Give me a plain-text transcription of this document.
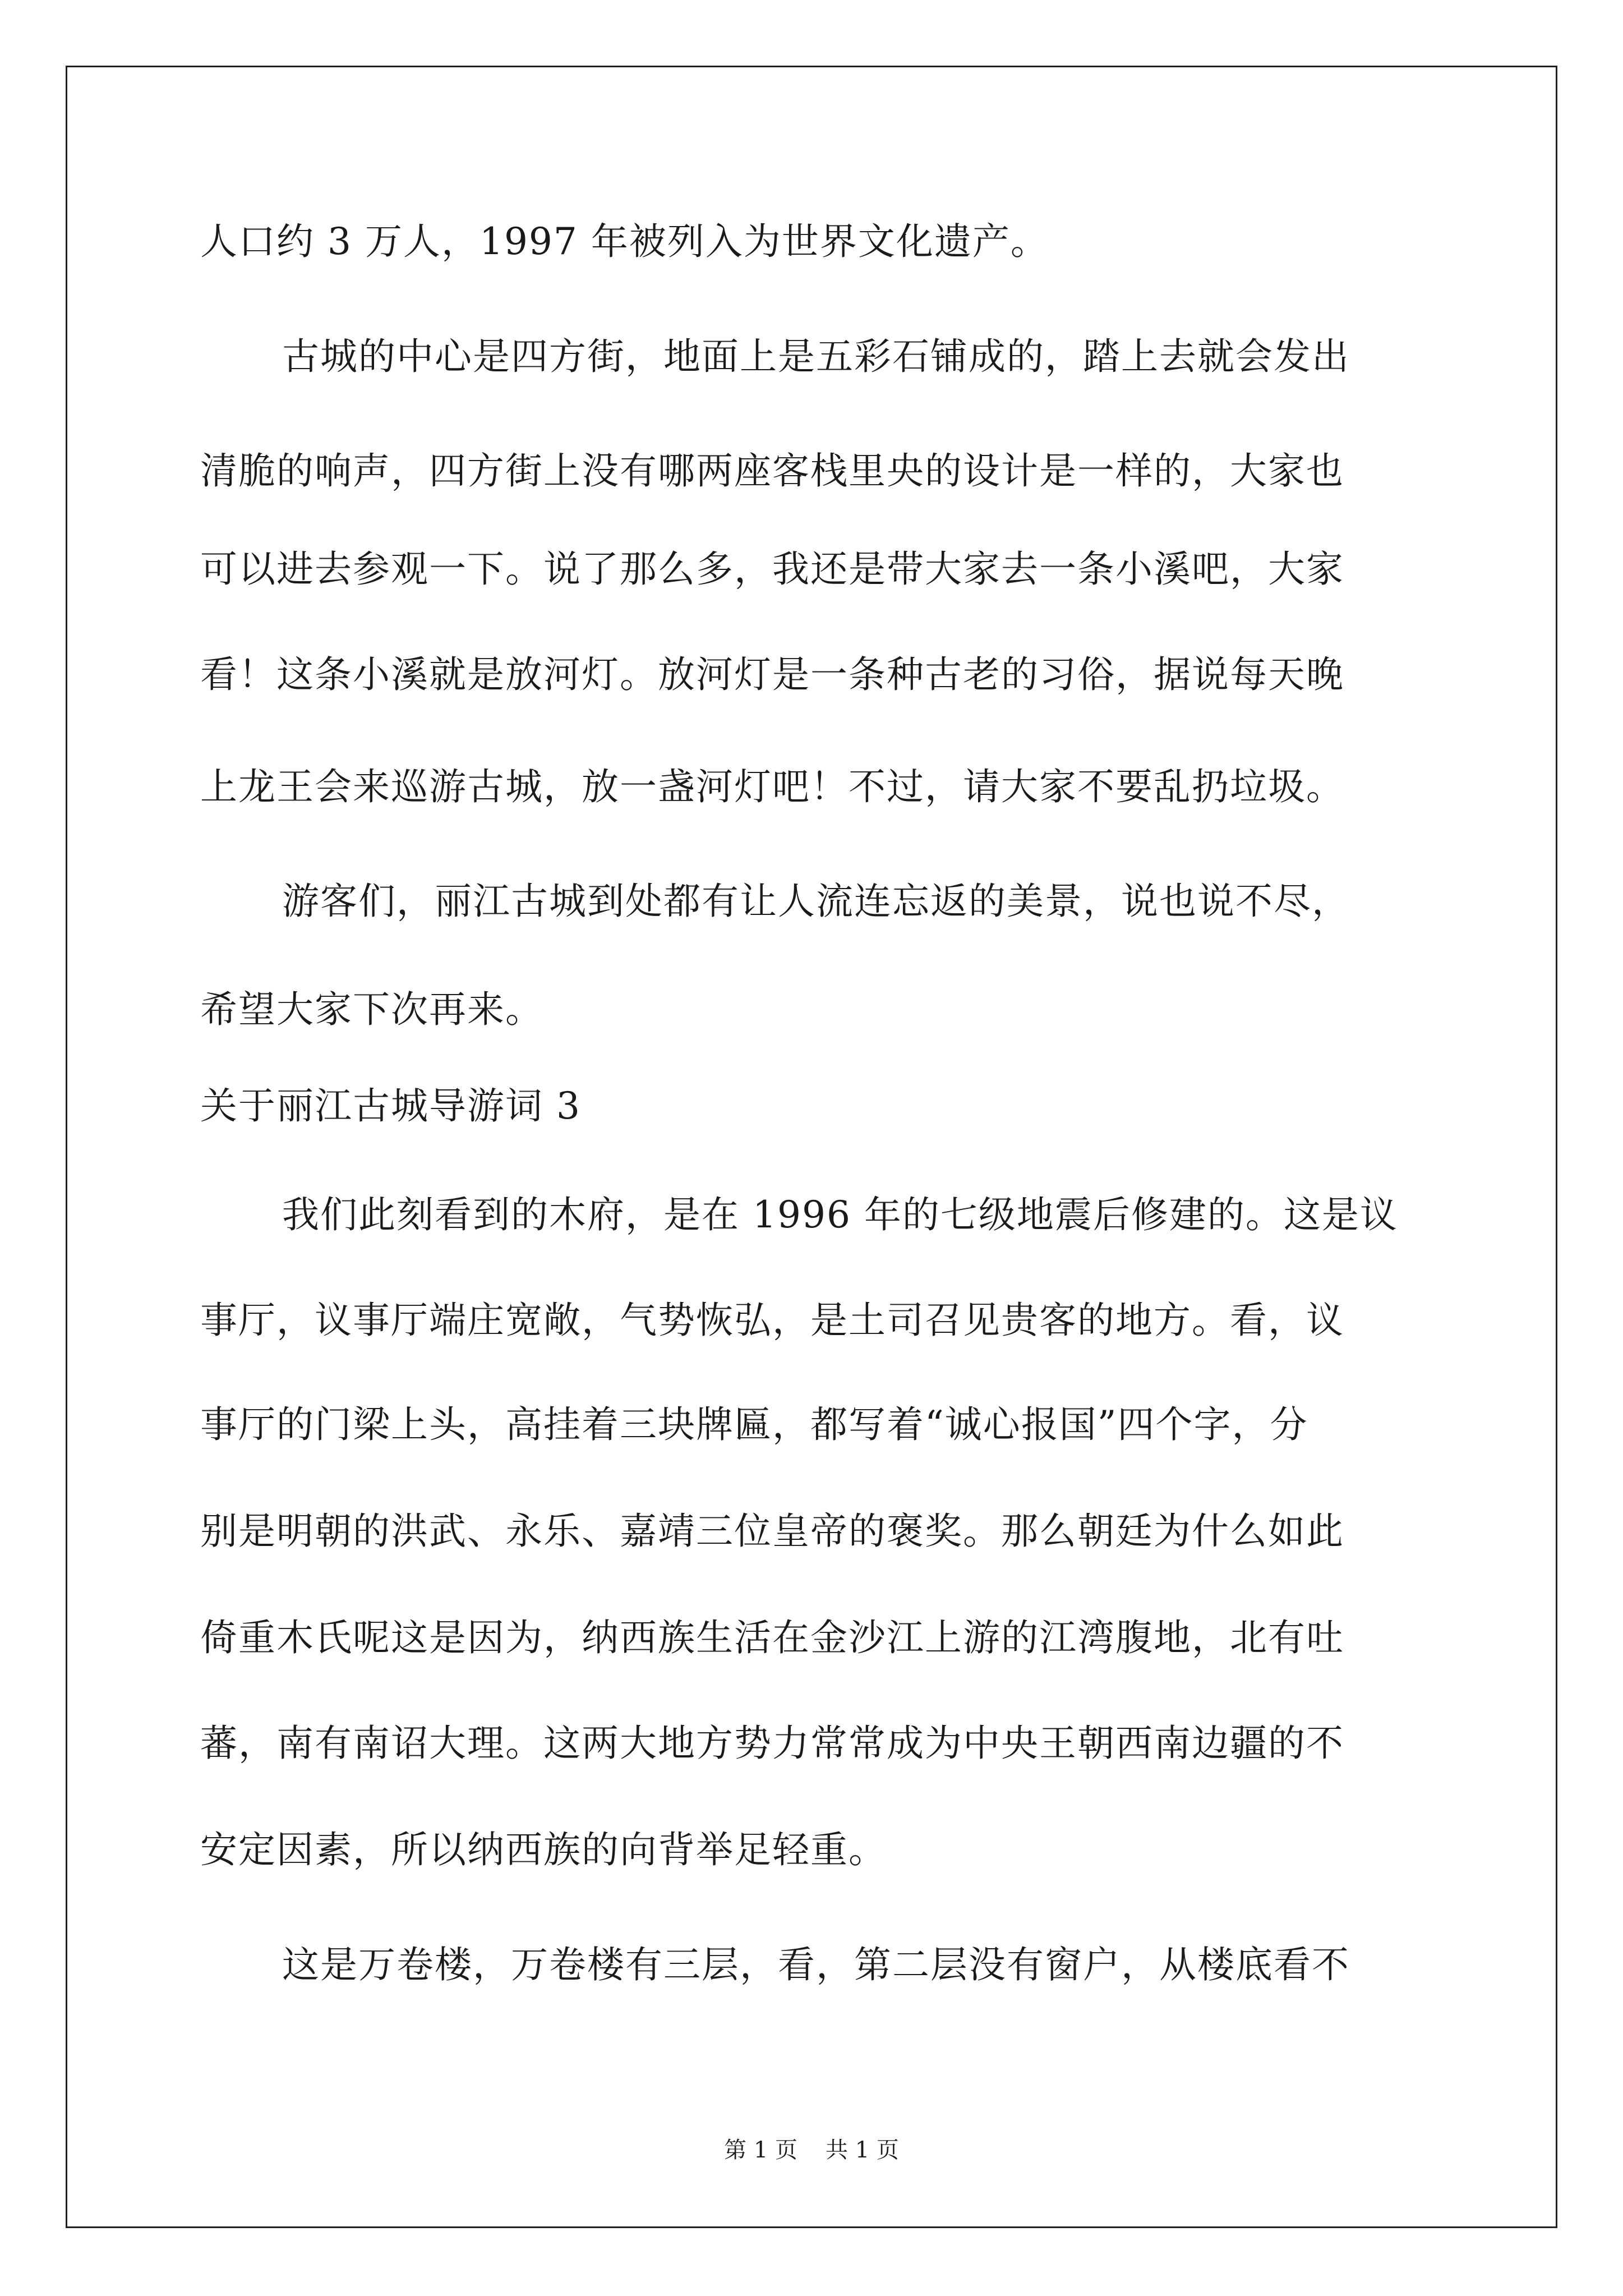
人口约 3 万人，1997 年被列入为世界文化遗产。
古城的中心是四方街，地面上是五彩石铺成的，踏上去就会发出
清脆的响声，四方街上没有哪两座客栈里央的设计是一样的，大家也
可以进去参观一下。说了那么多，我还是带大家去一条小溪吧，大家
看！这条小溪就是放河灯。放河灯是一条种古老的习俗，据说每天晚
上龙王会来巡游古城，放一盏河灯吧！不过，请大家不要乱扔垃圾。
游客们，丽江古城到处都有让人流连忘返的美景，说也说不尽，
希望大家下次再来。
关于丽江古城导游词 3
我们此刻看到的木府，是在 1996 年的七级地震后修建的。这是议
事厅，议事厅端庄宽敞，气势恢弘，是土司召见贵客的地方。看，议
事厅的门梁上头，高挂着三块牌匾，都写着“诚心报国”四个字，分
别是明朝的洪武、永乐、嘉靖三位皇帝的褒奖。那么朝廷为什么如此
倚重木氏呢这是因为，纳西族生活在金沙江上游的江湾腹地，北有吐
蕃，南有南诏大理。这两大地方势力常常成为中央王朝西南边疆的不
安定因素，所以纳西族的向背举足轻重。
这是万卷楼，万卷楼有三层，看，第二层没有窗户，从楼底看不
第 1 页 共 1 页
